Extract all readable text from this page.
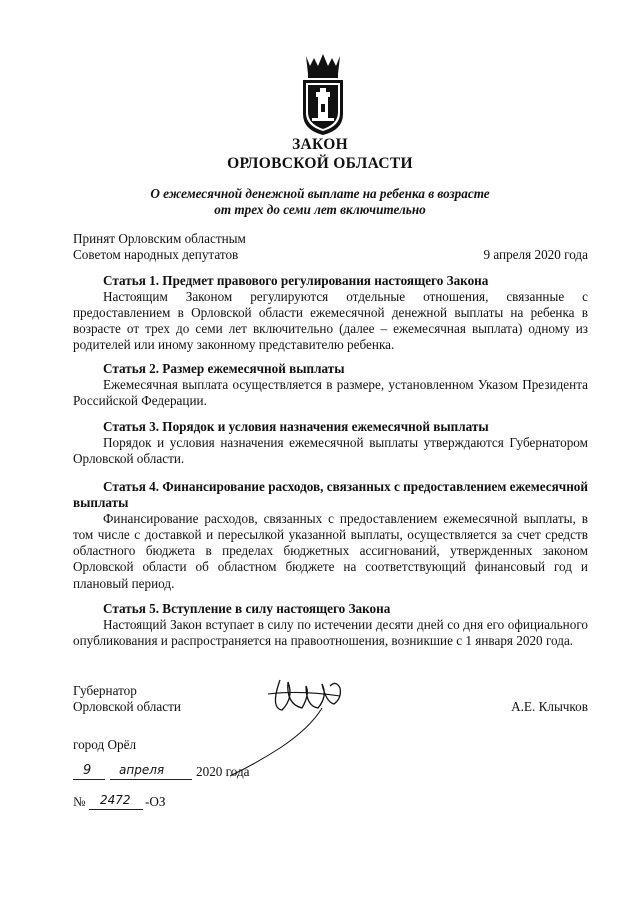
ЗАКОН
ОРЛОВСКОЙ ОБЛАСТИ
О ежемесячной денежной выплате на ребенка в возрасте
от трех до семи лет включительно
Принят Орловским областным
Советом народных депутатов	9 апреля 2020 года
Статья 1. Предмет правового регулирования настоящего Закона

Настоящим Законом регулируются отдельные отношения, связанные с предоставлением в Орловской области ежемесячной денежной выплаты на ребенка в возрасте от трех до семи лет включительно (далее – ежемесячная выплата) одному из родителей или иному законному представителю ребенка.

Статья 2. Размер ежемесячной выплаты

Ежемесячная выплата осуществляется в размере, установленном Указом Президента Российской Федерации.

Статья 3. Порядок и условия назначения ежемесячной выплаты

Порядок и условия назначения ежемесячной выплаты утверждаются Губернатором Орловской области.

Статья 4. Финансирование расходов, связанных с предоставлением ежемесячной выплаты

Финансирование расходов, связанных с предоставлением ежемесячной выплаты, в том числе с доставкой и пересылкой указанной выплаты, осуществляется за счет средств областного бюджета в пределах бюджетных ассигнований, утвержденных законом Орловской области об областном бюджете на соответствующий финансовый год и плановый период.

Статья 5. Вступление в силу настоящего Закона

Настоящий Закон вступает в силу по истечении десяти дней со дня его официального опубликования и распространяется на правоотношения, возникшие с 1 января 2020 года.

Губернатор
Орловской области	А.Е. Клычков
город Орёл
9 апреля 2020 года
№ 2472 -ОЗ
